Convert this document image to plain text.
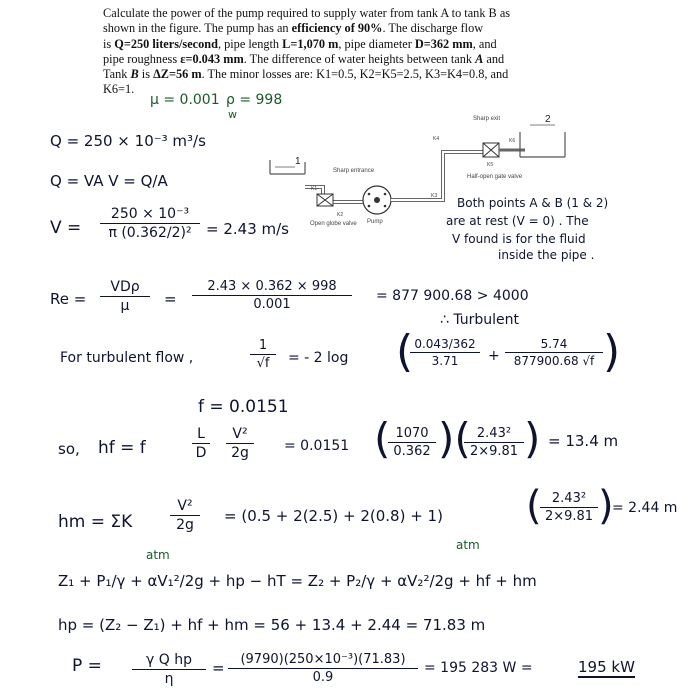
Calculate the power of the pump required to supply water from tank A to tank B as
shown in the figure. The pump has an efficiency of 90%. The discharge flow
is Q=250 liters/second, pipe length L=1,070 m, pipe diameter D=362 mm, and
pipe roughness ε=0.043 mm. The difference of water heights between tank A and
Tank B is ΔZ=56 m. The minor losses are: K1=0.5, K2=K5=2.5, K3=K4=0.8, and
K6=1.
μ = 0.001 ρ = 998
w
Sharp entrance
Open globe valve Pump
Sharp exit
Half-open gate valve
1
2
K1
K2
K3
K4
K5
K6
Both points A & B (1 & 2)
are at rest (V = 0) . The
V found is for the fluid
inside the pipe .
Q = 250 × 10⁻³ m³/s
Q = VA V = Q/A
V =
250 × 10⁻³
π (0.362/2)² = 2.43 m/s
Re =
VDρ
μ	=
2.43 × 0.362 × 998
0.001
= 877 900.68 > 4000
∴ Turbulent
For turbulent flow ,
1
√f	= - 2 log ( 0.043/362
3.71	+
5.74
877900.68 √f )
f = 0.0151
so, hf = f
L
D
V²
2g	= 0.0151 ( 1070
0.362 )( 2.43²
2×9.81 ) = 13.4 m
hm = ΣK
V²
2g	= (0.5 + 2(2.5) + 2(0.8) + 1) ( 2.43²
2×9.81 )
= 2.44 m
atm
atm
Z₁ + P₁/γ + αV₁²/2g + hp − hT = Z₂ + P₂/γ + αV₂²/2g + hf + hm
hp = (Z₂ − Z₁) + hf + hm = 56 + 13.4 + 2.44 = 71.83 m
P =	γ Q hp
η
=	(9790)(250×10⁻³)(71.83)
0.9
= 195 283 W =	195 kW
